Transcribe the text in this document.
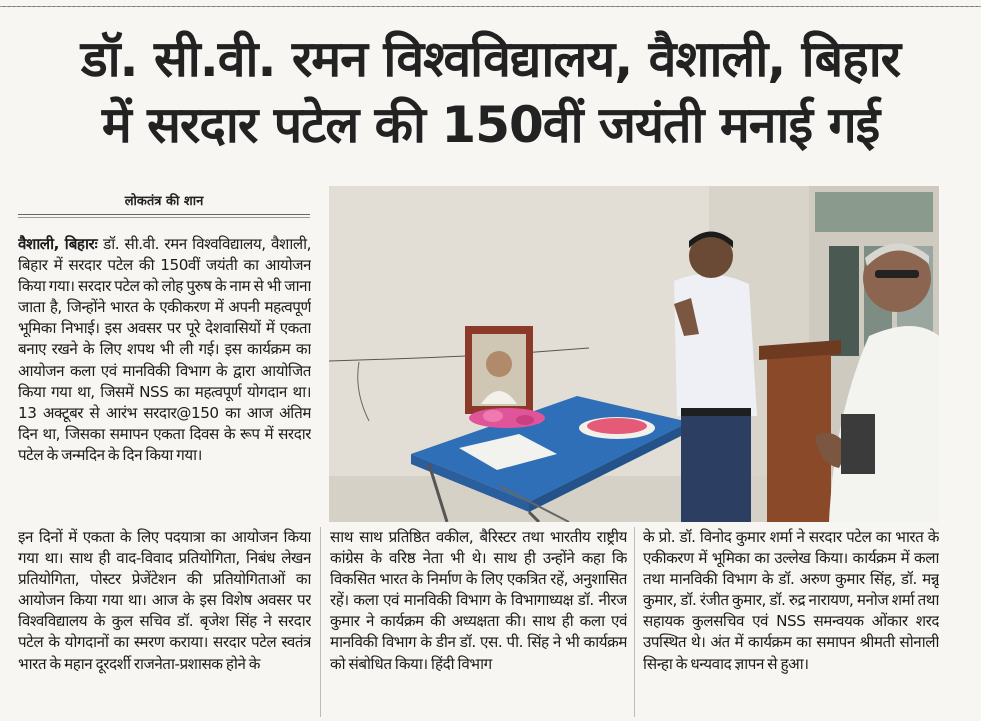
डॉ. सी.वी. रमन विश्वविद्यालय, वैशाली, बिहार
में सरदार पटेल की 150वीं जयंती मनाई गई
लोकतंत्र की शान
वैशाली, बिहारः डॉ. सी.वी. रमन विश्वविद्यालय, वैशाली, बिहार में सरदार पटेल की 150वीं जयंती का आयोजन किया गया। सरदार पटेल को लोह पुरुष के नाम से भी जाना जाता है, जिन्होंने भारत के एकीकरण में अपनी महत्वपूर्ण भूमिका निभाई। इस अवसर पर पूरे देशवासियों में एकता बनाए रखने के लिए शपथ भी ली गई। इस कार्यक्रम का आयोजन कला एवं मानविकी विभाग के द्वारा आयोजित किया गया था, जिसमें NSS का महत्वपूर्ण योगदान था। 13 अक्टूबर से आरंभ सरदार@150 का आज अंतिम दिन था, जिसका समापन एकता दिवस के रूप में सरदार पटेल के जन्मदिन के दिन किया गया।
इन दिनों में एकता के लिए पदयात्रा का आयोजन किया गया था। साथ ही वाद-विवाद प्रतियोगिता, निबंध लेखन प्रतियोगिता, पोस्टर प्रेजेंटेशन की प्रतियोगिताओं का आयोजन किया गया था। आज के इस विशेष अवसर पर विश्वविद्यालय के कुल सचिव डॉ. बृजेश सिंह ने सरदार पटेल के योगदानों का स्मरण कराया। सरदार पटेल स्वतंत्र भारत के महान दूरदर्शी राजनेता-प्रशासक होने के
साथ साथ प्रतिष्ठित वकील, बैरिस्टर तथा भारतीय राष्ट्रीय कांग्रेस के वरिष्ठ नेता भी थे। साथ ही उन्होंने कहा कि विकसित भारत के निर्माण के लिए एकत्रित रहें, अनुशासित रहें। कला एवं मानविकी विभाग के विभागाध्यक्ष डॉ. नीरज कुमार ने कार्यक्रम की अध्यक्षता की। साथ ही कला एवं मानविकी विभाग के डीन डॉ. एस. पी. सिंह ने भी कार्यक्रम को संबोधित किया। हिंदी विभाग
के प्रो. डॉ. विनोद कुमार शर्मा ने सरदार पटेल का भारत के एकीकरण में भूमिका का उल्लेख किया। कार्यक्रम में कला तथा मानविकी विभाग के डॉ. अरुण कुमार सिंह, डॉ. मन्नू कुमार, डॉ. रंजीत कुमार, डॉ. रुद्र नारायण, मनोज शर्मा तथा सहायक कुलसचिव एवं NSS समन्वयक ओंकार शरद उपस्थित थे। अंत में कार्यक्रम का समापन श्रीमती सोनाली सिन्हा के धन्यवाद ज्ञापन से हुआ।
